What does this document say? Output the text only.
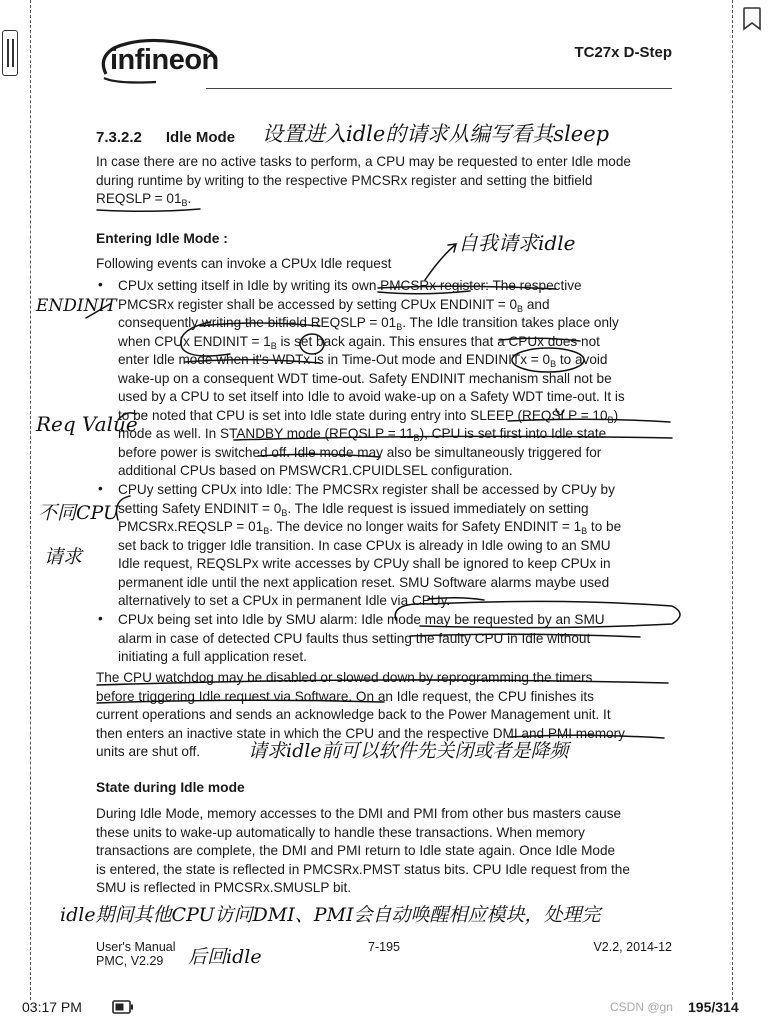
infineon	TC27x D-Step
7.3.2.2 Idle Mode
In case there are no active tasks to perform, a CPU may be requested to enter Idle mode
during runtime by writing to the respective PMCSRx register and setting the bitfield
REQSLP = $01_B$.
Entering Idle Mode :
Following events can invoke a CPUx Idle request
• CPUx setting itself in Idle by writing its own PMCSRx register: The respective
PMCSRx register shall be accessed by setting CPUx ENDINIT = $0_B$ and
consequently writing the bitfield REQSLP = $01_B$. The Idle transition takes place only
when CPUx ENDINIT = $1_B$ is set back again. This ensures that a CPUx does not
enter Idle mode when it's WDTx is in Time-Out mode and ENDINITx = $0_B$ to avoid
wake-up on a consequent WDT time-out. Safety ENDINIT mechanism shall not be
used by a CPU to set itself into Idle to avoid wake-up on a Safety WDT time-out. It is
to be noted that CPU is set into Idle state during entry into SLEEP (REQSLP = $10_B$)
mode as well. In STANDBY mode (REQSLP = $11_B$), CPU is set first into Idle state
before power is switched off. Idle mode may also be simultaneously triggered for
additional CPUs based on PMSWCR1.CPUIDLSEL configuration.
• CPUy setting CPUx into Idle: The PMCSRx register shall be accessed by CPUy by
setting Safety ENDINIT = $0_B$. The Idle request is issued immediately on setting
PMCSRx.REQSLP = $01_B$. The device no longer waits for Safety ENDINIT = $1_B$ to be
set back to trigger Idle transition. In case CPUx is already in Idle owing to an SMU
Idle request, REQSLPx write accesses by CPUy shall be ignored to keep CPUx in
permanent idle until the next application reset. SMU Software alarms maybe used
alternatively to set a CPUx in permanent Idle via CPUy.
• CPUx being set into Idle by SMU alarm: Idle mode may be requested by an SMU
alarm in case of detected CPU faults thus setting the faulty CPU in Idle without
initiating a full application reset.
The CPU watchdog may be disabled or slowed down by reprogramming the timers
before triggering Idle request via Software. On an Idle request, the CPU finishes its
current operations and sends an acknowledge back to the Power Management unit. It
then enters an inactive state in which the CPU and the respective DMI and PMI memory
units are shut off.
State during Idle mode
During Idle Mode, memory accesses to the DMI and PMI from other bus masters cause
these units to wake-up automatically to handle these transactions. When memory
transactions are complete, the DMI and PMI return to Idle state again. Once Idle Mode
is entered, the state is reflected in PMCSRx.PMST status bits. CPU Idle request from the
SMU is reflected in PMCSRx.SMUSLP bit.
User's Manual
PMC, V2.29
7-195	V2.2, 2014-12
03:17 PM	CSDN @gn 195/314
设置进入idle的请求从编写看其sleep
自我请求idle
ENDINIT
Req Value
不同CPU
请求
请求idle前可以软件先关闭或者是降频
idle期间其他CPU访问DMI、PMI会自动唤醒相应模块，处理完
后回idle
